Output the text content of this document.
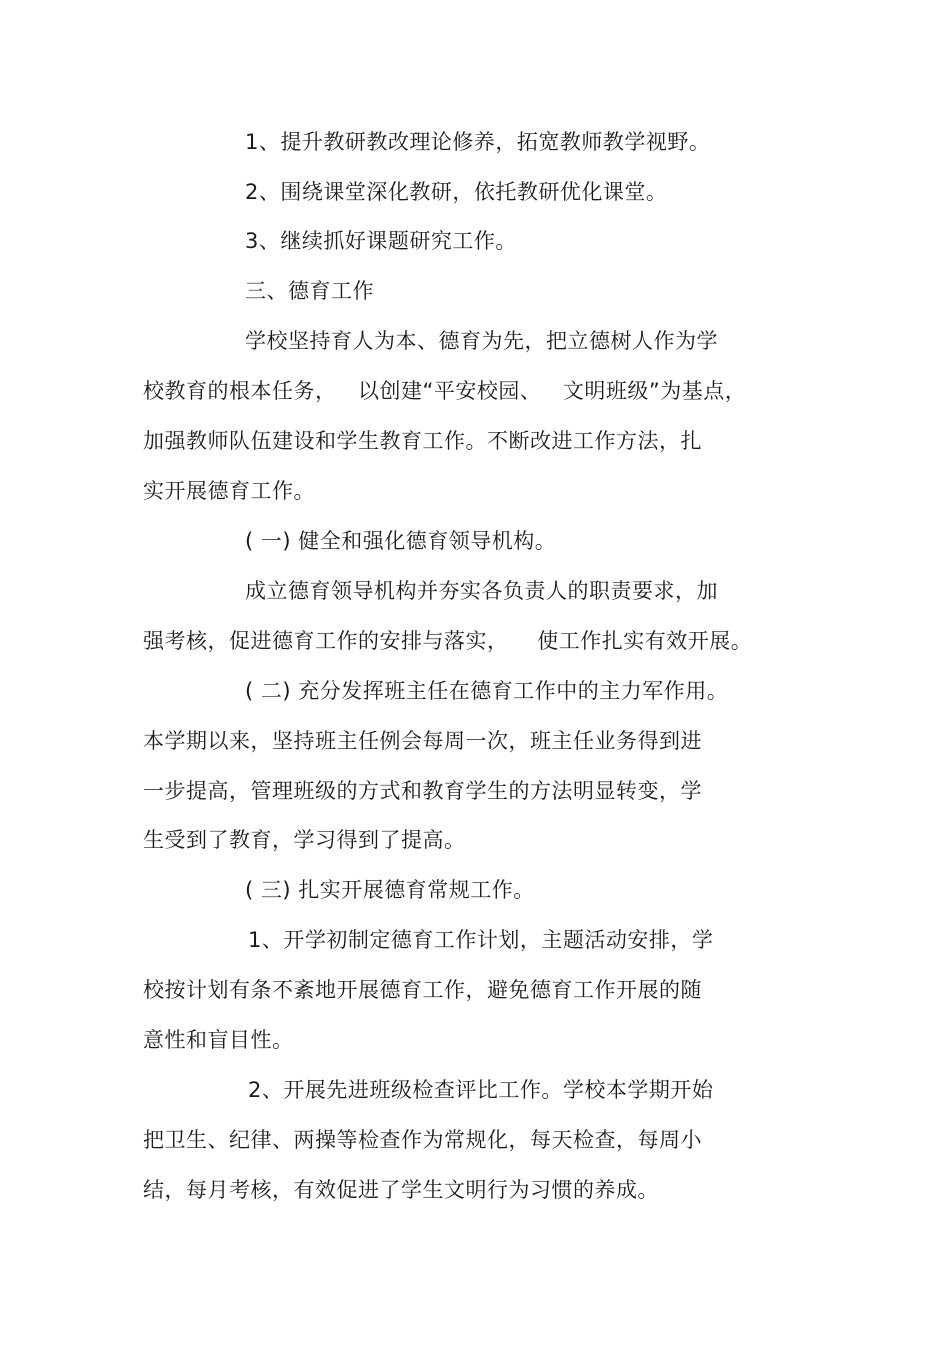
1、提升教研教改理论修养，拓宽教师教学视野。
2、围绕课堂深化教研，依托教研优化课堂。
3、继续抓好课题研究工作。
三、德育工作
学校坚持育人为本、德育为先，把立德树人作为学
校教育的根本任务，   以创建“平安校园、   文明班级”为基点，
加强教师队伍建设和学生教育工作。不断改进工作方法，扎
实开展德育工作。
( 一) 健全和强化德育领导机构。
成立德育领导机构并夯实各负责人的职责要求，加
强考核，促进德育工作的安排与落实，    使工作扎实有效开展。
( 二) 充分发挥班主任在德育工作中的主力军作用。
本学期以来，坚持班主任例会每周一次，班主任业务得到进
一步提高，管理班级的方式和教育学生的方法明显转变，学
生受到了教育，学习得到了提高。
( 三) 扎实开展德育常规工作。
1、开学初制定德育工作计划，主题活动安排，学
校按计划有条不紊地开展德育工作，避免德育工作开展的随
意性和盲目性。
2、开展先进班级检查评比工作。学校本学期开始
把卫生、纪律、两操等检查作为常规化，每天检查，每周小
结，每月考核，有效促进了学生文明行为习惯的养成。
